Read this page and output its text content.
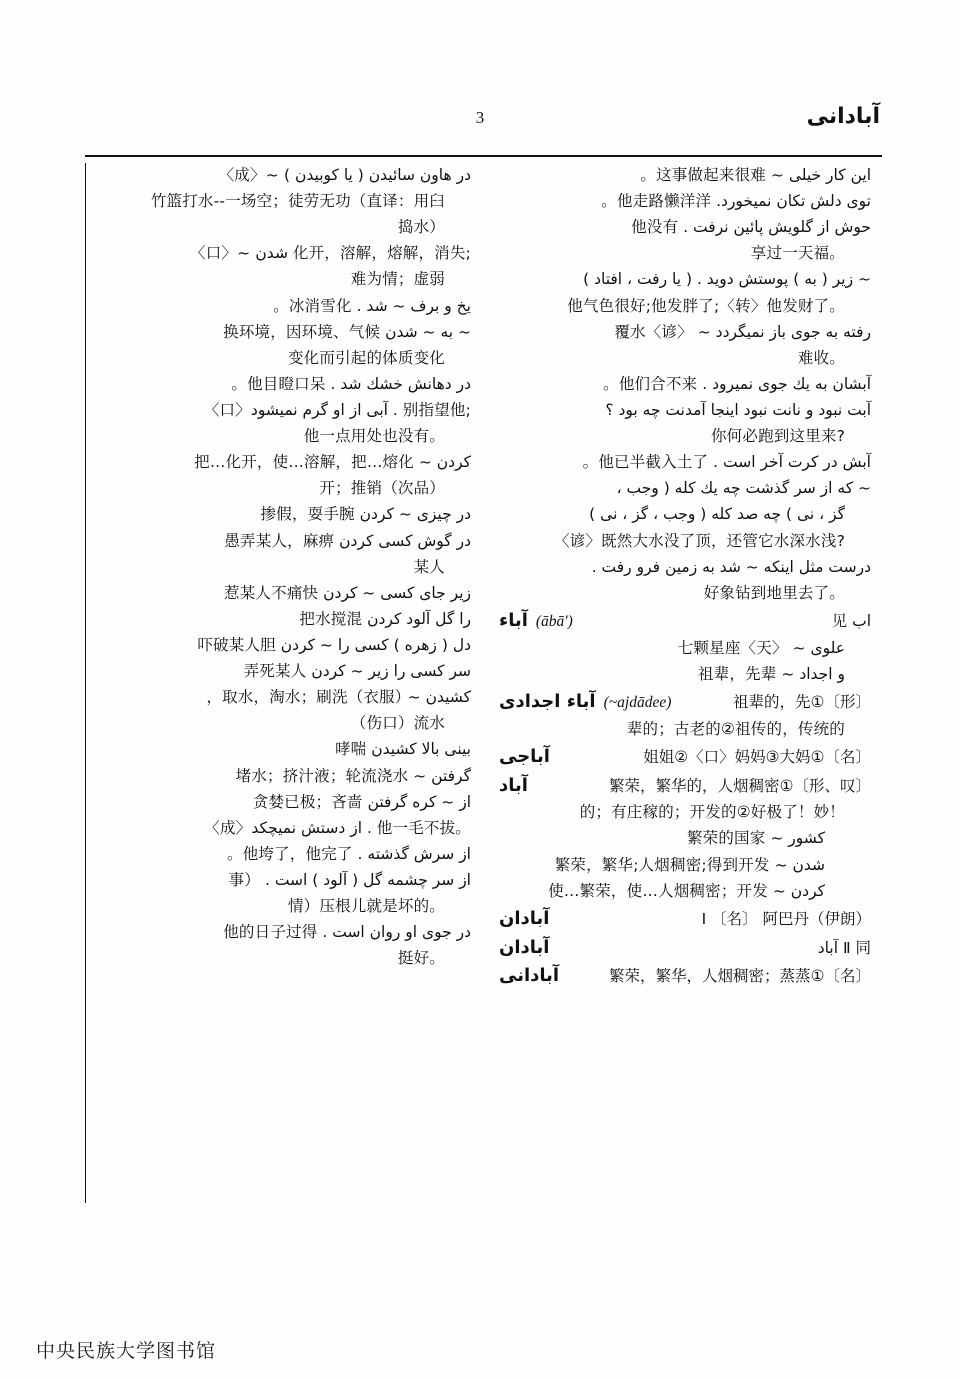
3	آبادانى
این کار خیلی ~ 这事做起来很难。
توی دلش تکان نمیخورد. 他走路懒洋洋。
حوش از گلویش پائین نرفت . 他没有
享过一天福。
~ زیر ( به ) پوستش دوید . ( یا رفت ، افتاد )
他气色很好;他发胖了;〈转〉他发财了。
رفته به جوی باز نمیگردد ~ 〈谚〉覆水
难收。
آبشان به یك جوی نمیرود . 他们合不来。
آبت نبود و نانت نبود اینجا آمدنت چه بود ؟
你何必跑到这里来?
آبش در کرت آخر است . 他已半截入土了。
~ که از سر گذشت چه یك کله ( وجب ،
گز ، نی ) چه صد کله ( وجب ، گز ، نی )
〈谚〉既然大水没了顶，还管它水深水浅?
درست مثل اینکه ~ شد به زمین فرو رفت .
好象钻到地里去了。
آباء (ābā')	اب 见
علوی ~ 〈天〉七颗星座
و اجداد ~ 祖辈，先辈
آباء اجدادى (~ajdādee)	〔形〕①祖辈的，先
辈的；古老的②祖传的，传统的
آباجى	〔名〕①姐姐②〈口〉妈妈③大妈
آباد	〔形、叹〕①繁荣，繁华的，人烟稠密
的；有庄稼的；开发的②好极了！妙！
کشور ~ 繁荣的国家
شدن ~ 繁荣，繁华;人烟稠密;得到开发
کردن ~ 使…繁荣，使…人烟稠密；开发
آبادان	Ⅰ 〔名〕 阿巴丹（伊朗）
آبادان	Ⅱ 同 آباد
آبادانى	〔名〕①繁荣，繁华，人烟稠密；蒸蒸
〈成〉~ در هاون سائیدن ( یا کوبیدن )
竹篮打水--一场空；徒劳无功（直译：用臼
捣水）
〈口〉~ شدن 化开，溶解，熔解，消失;
难为情；虚弱
یخ و برف ~ شد . 冰消雪化。
~ به ~ شدن 换环境，因环境、气候
变化而引起的体质变化
در دهانش خشك شد . 他目瞪口呆。
〈口〉آبی از او گرم نمیشود . 别指望他;
他一点用处也没有。
کردن ~ 把…化开，使…溶解，把…熔化
开；推销（次品）
در چیزی ~ کردن 掺假，耍手腕
در گوش کسی کردن 愚弄某人，麻痹
某人
زیر جای کسی ~ کردن 惹某人不痛快
را گل آلود کردن 把水搅混
دل ( زهره ) کسی را ~ کردن 吓破某人胆
سر کسی را زیر ~ کردن 弄死某人
کشیدن ~ 取水，淘水；刷洗（衣服），
（伤口）流水
بینی بالا کشیدن 哮喘
گرفتن ~ 堵水；挤汁液；轮流浇水
از ~ کره گرفتن 贪婪已极；吝啬
〈成〉از دستش نمیچکد . 他一毛不拔。
از سرش گذشته . 他垮了，他完了。
از سر چشمه گل ( آلود ) است . （事
情）压根儿就是坏的。
در جوی او روان است . 他的日子过得
挺好。
中央民族大学图书馆
